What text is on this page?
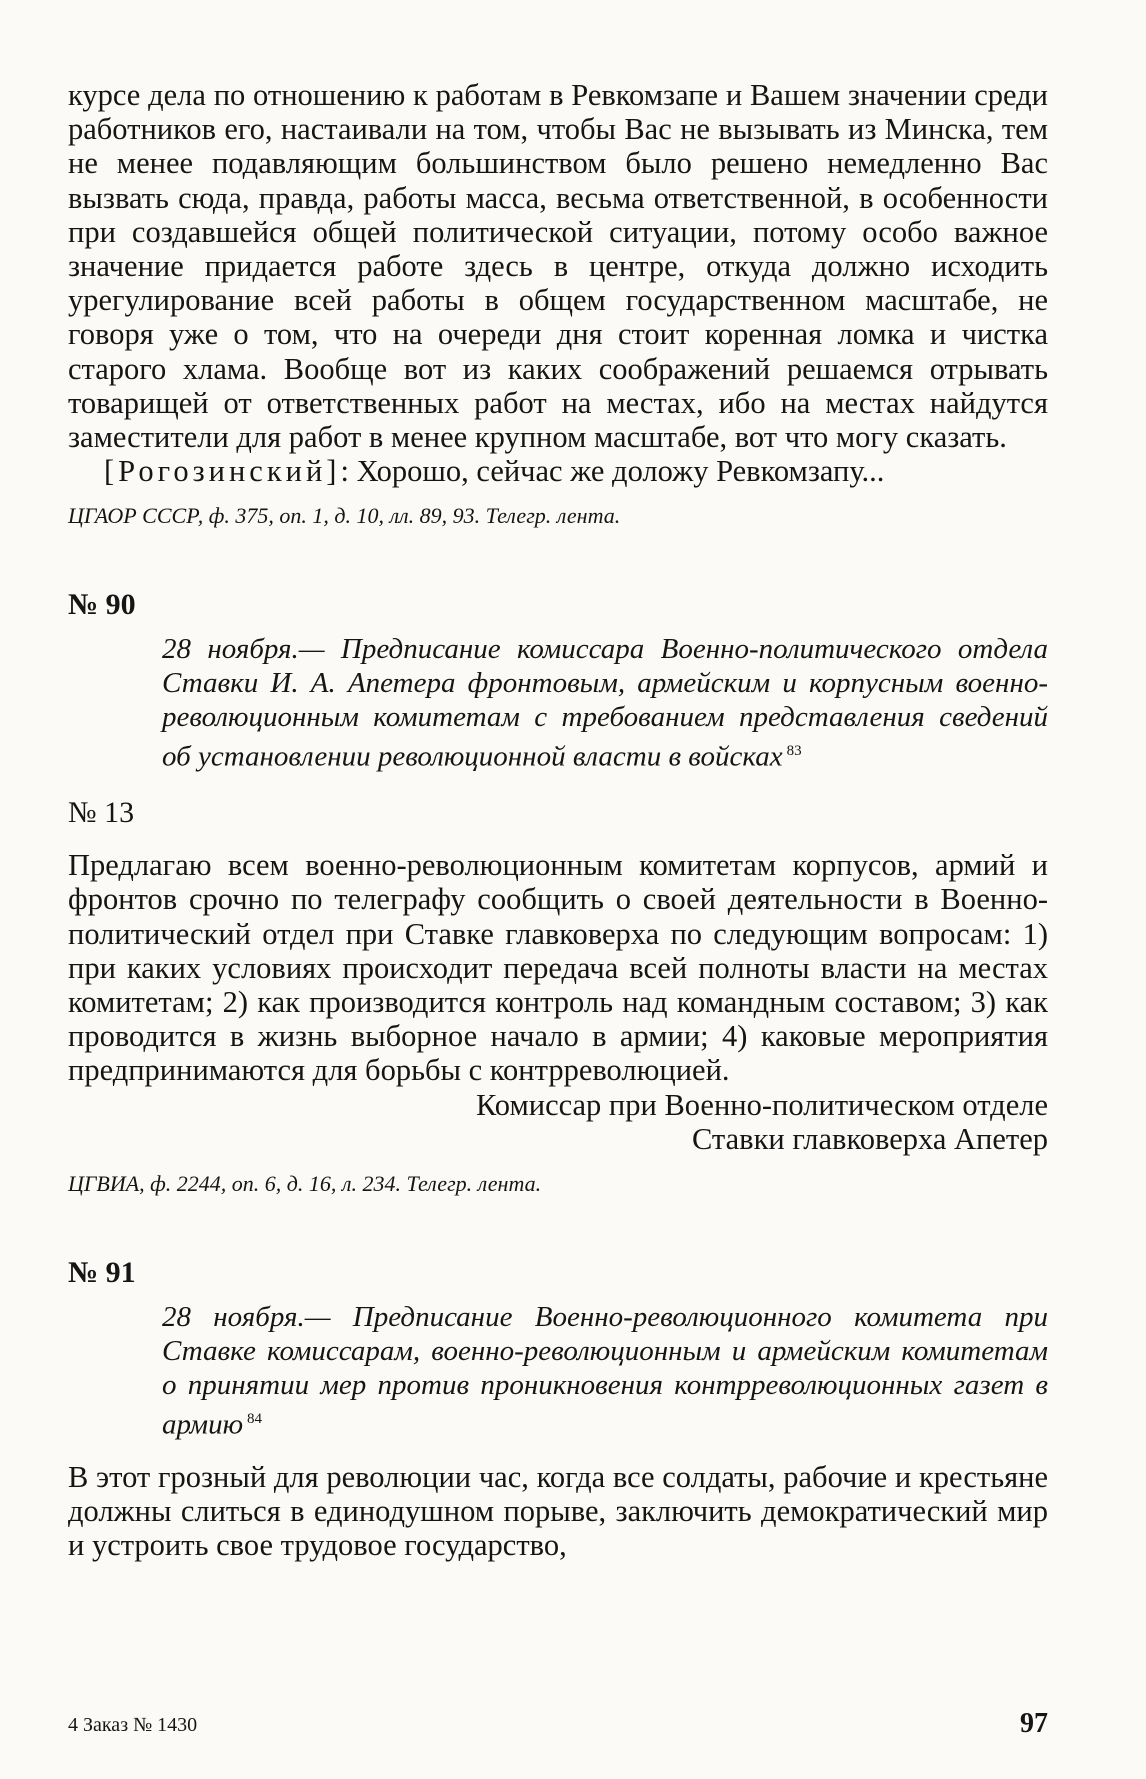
курсе дела по отношению к работам в Ревкомзапе и Вашем значении среди работников его, настаивали на том, чтобы Вас не вызывать из Минска, тем не менее подавляющим большинством было решено немедленно Вас вызвать сюда, правда, работы масса, весьма ответственной, в особенности при создавшейся общей политической ситуации, потому особо важное значение придается работе здесь в центре, откуда должно исходить урегулирование всей работы в общем государственном масштабе, не говоря уже о том, что на очереди дня стоит коренная ломка и чистка старого хлама. Вообще вот из каких соображений решаемся отрывать товарищей от ответственных работ на местах, ибо на местах найдутся заместители для работ в менее крупном масштабе, вот что могу сказать.

[Рогозинский]: Хорошо, сейчас же доложу Ревкомзапу...

ЦГАОР СССР, ф. 375, оп. 1, д. 10, лл. 89, 93. Телегр. лента.

№ 90

28 ноября.— Предписание комиссара Военно-политического отдела Ставки И. А. Апетера фронтовым, армейским и корпусным военно-революционным комитетам с требованием представления сведений об установлении революционной власти в войсках $^{83}$

№ 13

Предлагаю всем военно-революционным комитетам корпусов, армий и фронтов срочно по телеграфу сообщить о своей деятельности в Военно-политический отдел при Ставке главковерха по следующим вопросам: 1) при каких условиях происходит передача всей полноты власти на местах комитетам; 2) как производится контроль над командным составом; 3) как проводится в жизнь выборное начало в армии; 4) каковые мероприятия предпринимаются для борьбы с контрреволюцией.

Комиссар при Военно-политическом отделе

Ставки главковерха Апетер

ЦГВИА, ф. 2244, оп. 6, д. 16, л. 234. Телегр. лента.

№ 91

28 ноября.— Предписание Военно-революционного комитета при Ставке комиссарам, военно-революционным и армейским комитетам о принятии мер против проникновения контрреволюционных газет в армию $^{84}$

В этот грозный для революции час, когда все солдаты, рабочие и крестьяне должны слиться в единодушном порыве, заключить демократический мир и устроить свое трудовое государство,

4 Заказ № 1430	97
